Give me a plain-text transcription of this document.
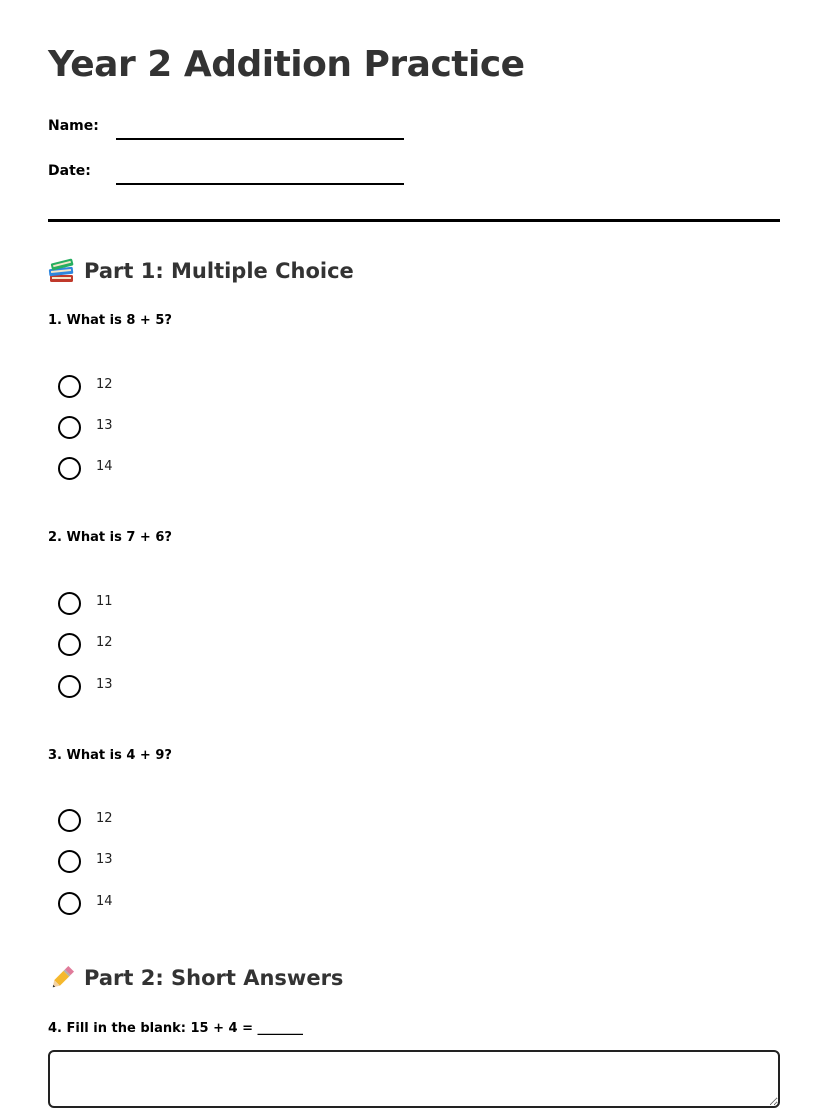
Year 2 Addition Practice
Name:
Date:
Part 1: Multiple Choice
1. What is 8 + 5?
12
13
14
2. What is 7 + 6?
11
12
13
3. What is 4 + 9?
12
13
14
Part 2: Short Answers
4. Fill in the blank: 15 + 4 = _______
